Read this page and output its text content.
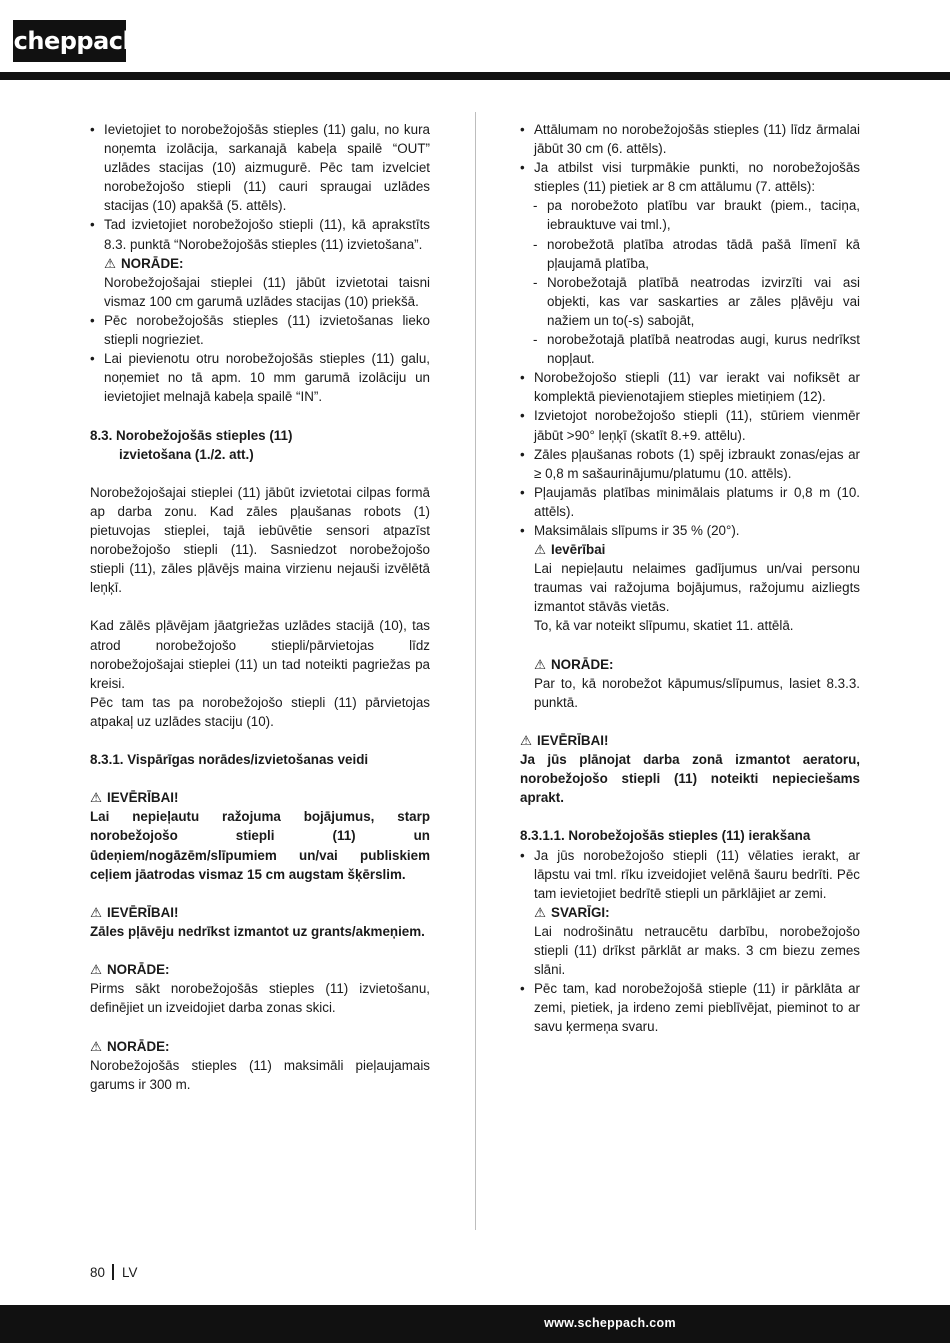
scheppach
• Ievietojiet to norobežojošās stieples (11) galu, no kura noņemta izolācija, sarkanajā kabeļa spailē “OUT” uzlādes stacijas (10) aizmugurē. Pēc tam izvelciet norobežojošo stiepli (11) cauri spraugai uzlādes stacijas (10) apakšā (5. attēls).
• Tad izvietojiet norobežojošo stiepli (11), kā aprakstīts 8.3. punktā “Norobežojošās stieples (11) izvietošana”.
⚠ NORĀDE:
Norobežojošajai stieplei (11) jābūt izvietotai taisni vismaz 100 cm garumā uzlādes stacijas (10) priekšā.
• Pēc norobežojošās stieples (11) izvietošanas lieko stiepli nogrieziet.
• Lai pievienotu otru norobežojošās stieples (11) galu, noņemiet no tā apm. 10 mm garumā izolāciju un ievietojiet melnajā kabeļa spailē “IN”.
8.3. Norobežojošās stieples (11)
izvietošana (1./2. att.)
Norobežojošajai stieplei (11) jābūt izvietotai cilpas formā ap darba zonu. Kad zāles pļaušanas robots (1) pietuvojas stieplei, tajā iebūvētie sensori atpazīst norobežojošo stiepli (11). Sasniedzot norobežojošo stiepli (11), zāles pļāvējs maina virzienu nejauši izvēlētā leņķī.
Kad zālēs pļāvējam jāatgriežas uzlādes stacijā (10), tas atrod norobežojošo stiepli/pārvietojas līdz norobežojošajai stieplei (11) un tad noteikti pagriežas pa kreisi.
Pēc tam tas pa norobežojošo stiepli (11) pārvietojas atpakaļ uz uzlādes staciju (10).
8.3.1. Vispārīgas norādes/izvietošanas veidi
⚠ IEVĒRĪBAI!
Lai nepieļautu ražojuma bojājumus, starp norobežojošo stiepli (11) un ūdeņiem/nogāzēm/slīpumiem un/vai publiskiem ceļiem jāatrodas vismaz 15 cm augstam šķērslim.
⚠ IEVĒRĪBAI!
Zāles pļāvēju nedrīkst izmantot uz grants/akmeņiem.
⚠ NORĀDE:
Pirms sākt norobežojošās stieples (11) izvietošanu, definējiet un izveidojiet darba zonas skici.
⚠ NORĀDE:
Norobežojošās stieples (11) maksimāli pieļaujamais garums ir 300 m.
• Attālumam no norobežojošās stieples (11) līdz ārmalai jābūt 30 cm (6. attēls).
• Ja atbilst visi turpmākie punkti, no norobežojošās stieples (11) pietiek ar 8 cm attālumu (7. attēls):
- pa norobežoto platību var braukt (piem., taciņa, iebrauktuve vai tml.),
- norobežotā platība atrodas tādā pašā līmenī kā pļaujamā platība,
- Norobežotajā platībā neatrodas izvirzīti vai asi objekti, kas var saskarties ar zāles pļāvēju vai nažiem un to(-s) sabojāt,
- norobežotajā platībā neatrodas augi, kurus nedrīkst nopļaut.
• Norobežojošo stiepli (11) var ierakt vai nofiksēt ar komplektā pievienotajiem stieples mietiņiem (12).
• Izvietojot norobežojošo stiepli (11), stūriem vienmēr jābūt >90° leņķī (skatīt 8.+9. attēlu).
• Zāles pļaušanas robots (1) spēj izbraukt zonas/ejas ar ≥ 0,8 m sašaurinājumu/platumu (10. attēls).
• Pļaujamās platības minimālais platums ir 0,8 m (10. attēls).
• Maksimālais slīpums ir 35 % (20°).
⚠ Ievērībai
Lai nepieļautu nelaimes gadījumus un/vai personu traumas vai ražojuma bojājumus, ražojumu aizliegts izmantot stāvās vietās.
To, kā var noteikt slīpumu, skatiet 11. attēlā.
⚠ NORĀDE:
Par to, kā norobežot kāpumus/slīpumus, lasiet 8.3.3. punktā.
⚠ IEVĒRĪBAI!
Ja jūs plānojat darba zonā izmantot aeratoru, norobežojošo stiepli (11) noteikti nepieciešams aprakt.
8.3.1.1. Norobežojošās stieples (11) ierakšana
• Ja jūs norobežojošo stiepli (11) vēlaties ierakt, ar lāpstu vai tml. rīku izveidojiet velēnā šauru bedrīti. Pēc tam ievietojiet bedrītē stiepli un pārklājiet ar zemi.
⚠ SVARĪGI:
Lai nodrošinātu netraucētu darbību, norobežojošo stiepli (11) drīkst pārklāt ar maks. 3 cm biezu zemes slāni.
• Pēc tam, kad norobežojošā stieple (11) ir pārklāta ar zemi, pietiek, ja irdeno zemi pieblīvējat, pieminot to ar savu ķermeņa svaru.
80 LV
www.scheppach.com
